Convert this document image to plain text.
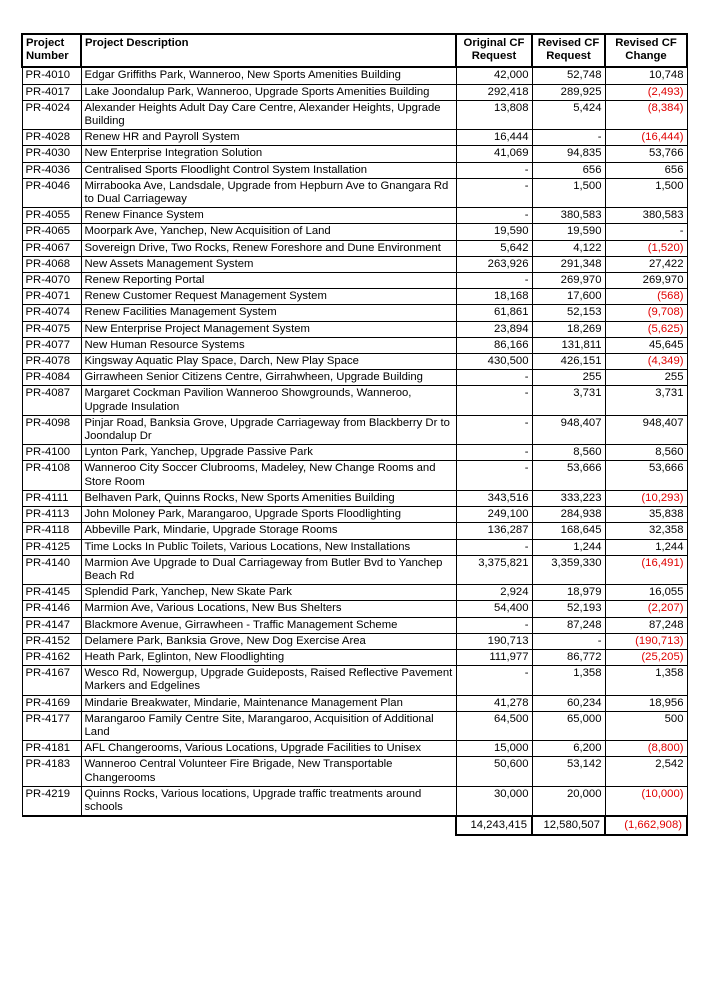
Project Number	Project Description	Original CF Request	Revised CF Request	Revised CF Change
PR-4010	Edgar Griffiths Park, Wanneroo, New Sports Amenities Building	42,000	52,748	10,748
PR-4017	Lake Joondalup Park, Wanneroo, Upgrade Sports Amenities Building	292,418	289,925	(2,493)
PR-4024	Alexander Heights Adult Day Care Centre, Alexander Heights, Upgrade Building	13,808	5,424	(8,384)
PR-4028	Renew HR and Payroll System	16,444	-	(16,444)
PR-4030	New Enterprise Integration Solution	41,069	94,835	53,766
PR-4036	Centralised Sports Floodlight Control System Installation	-	656	656
PR-4046	Mirrabooka Ave, Landsdale, Upgrade from Hepburn Ave to Gnangara Rd to Dual Carriageway	-	1,500	1,500
PR-4055	Renew Finance System	-	380,583	380,583
PR-4065	Moorpark Ave, Yanchep, New Acquisition of Land	19,590	19,590	-
PR-4067	Sovereign Drive, Two Rocks, Renew Foreshore and Dune Environment	5,642	4,122	(1,520)
PR-4068	New Assets Management System	263,926	291,348	27,422
PR-4070	Renew Reporting Portal	-	269,970	269,970
PR-4071	Renew Customer Request Management System	18,168	17,600	(568)
PR-4074	Renew Facilities Management System	61,861	52,153	(9,708)
PR-4075	New Enterprise Project Management System	23,894	18,269	(5,625)
PR-4077	New Human Resource Systems	86,166	131,811	45,645
PR-4078	Kingsway Aquatic Play Space, Darch, New Play Space	430,500	426,151	(4,349)
PR-4084	Girrawheen Senior Citizens Centre, Girrahwheen, Upgrade Building	-	255	255
PR-4087	Margaret Cockman Pavilion Wanneroo Showgrounds, Wanneroo, Upgrade Insulation	-	3,731	3,731
PR-4098	Pinjar Road, Banksia Grove, Upgrade Carriageway from Blackberry Dr to Joondalup Dr	-	948,407	948,407
PR-4100	Lynton Park, Yanchep, Upgrade Passive Park	-	8,560	8,560
PR-4108	Wanneroo City Soccer Clubrooms, Madeley, New Change Rooms and Store Room	-	53,666	53,666
PR-4111	Belhaven Park, Quinns Rocks, New Sports Amenities Building	343,516	333,223	(10,293)
PR-4113	John Moloney Park, Marangaroo, Upgrade Sports Floodlighting	249,100	284,938	35,838
PR-4118	Abbeville Park, Mindarie, Upgrade Storage Rooms	136,287	168,645	32,358
PR-4125	Time Locks In Public Toilets, Various Locations, New Installations	-	1,244	1,244
PR-4140	Marmion Ave Upgrade to Dual Carriageway from Butler Bvd to Yanchep Beach Rd	3,375,821	3,359,330	(16,491)
PR-4145	Splendid Park, Yanchep, New Skate Park	2,924	18,979	16,055
PR-4146	Marmion Ave, Various Locations, New Bus Shelters	54,400	52,193	(2,207)
PR-4147	Blackmore Avenue, Girrawheen - Traffic Management Scheme	-	87,248	87,248
PR-4152	Delamere Park, Banksia Grove, New Dog Exercise Area	190,713	-	(190,713)
PR-4162	Heath Park, Eglinton, New Floodlighting	111,977	86,772	(25,205)
PR-4167	Wesco Rd, Nowergup, Upgrade Guideposts, Raised Reflective Pavement Markers and Edgelines	-	1,358	1,358
PR-4169	Mindarie Breakwater, Mindarie, Maintenance Management Plan	41,278	60,234	18,956
PR-4177	Marangaroo Family Centre Site, Marangaroo, Acquisition of Additional Land	64,500	65,000	500
PR-4181	AFL Changerooms, Various Locations, Upgrade Facilities to Unisex	15,000	6,200	(8,800)
PR-4183	Wanneroo Central Volunteer Fire Brigade, New Transportable Changerooms	50,600	53,142	2,542
PR-4219	Quinns Rocks, Various locations, Upgrade traffic treatments around schools	30,000	20,000	(10,000)
		14,243,415	12,580,507	(1,662,908)
